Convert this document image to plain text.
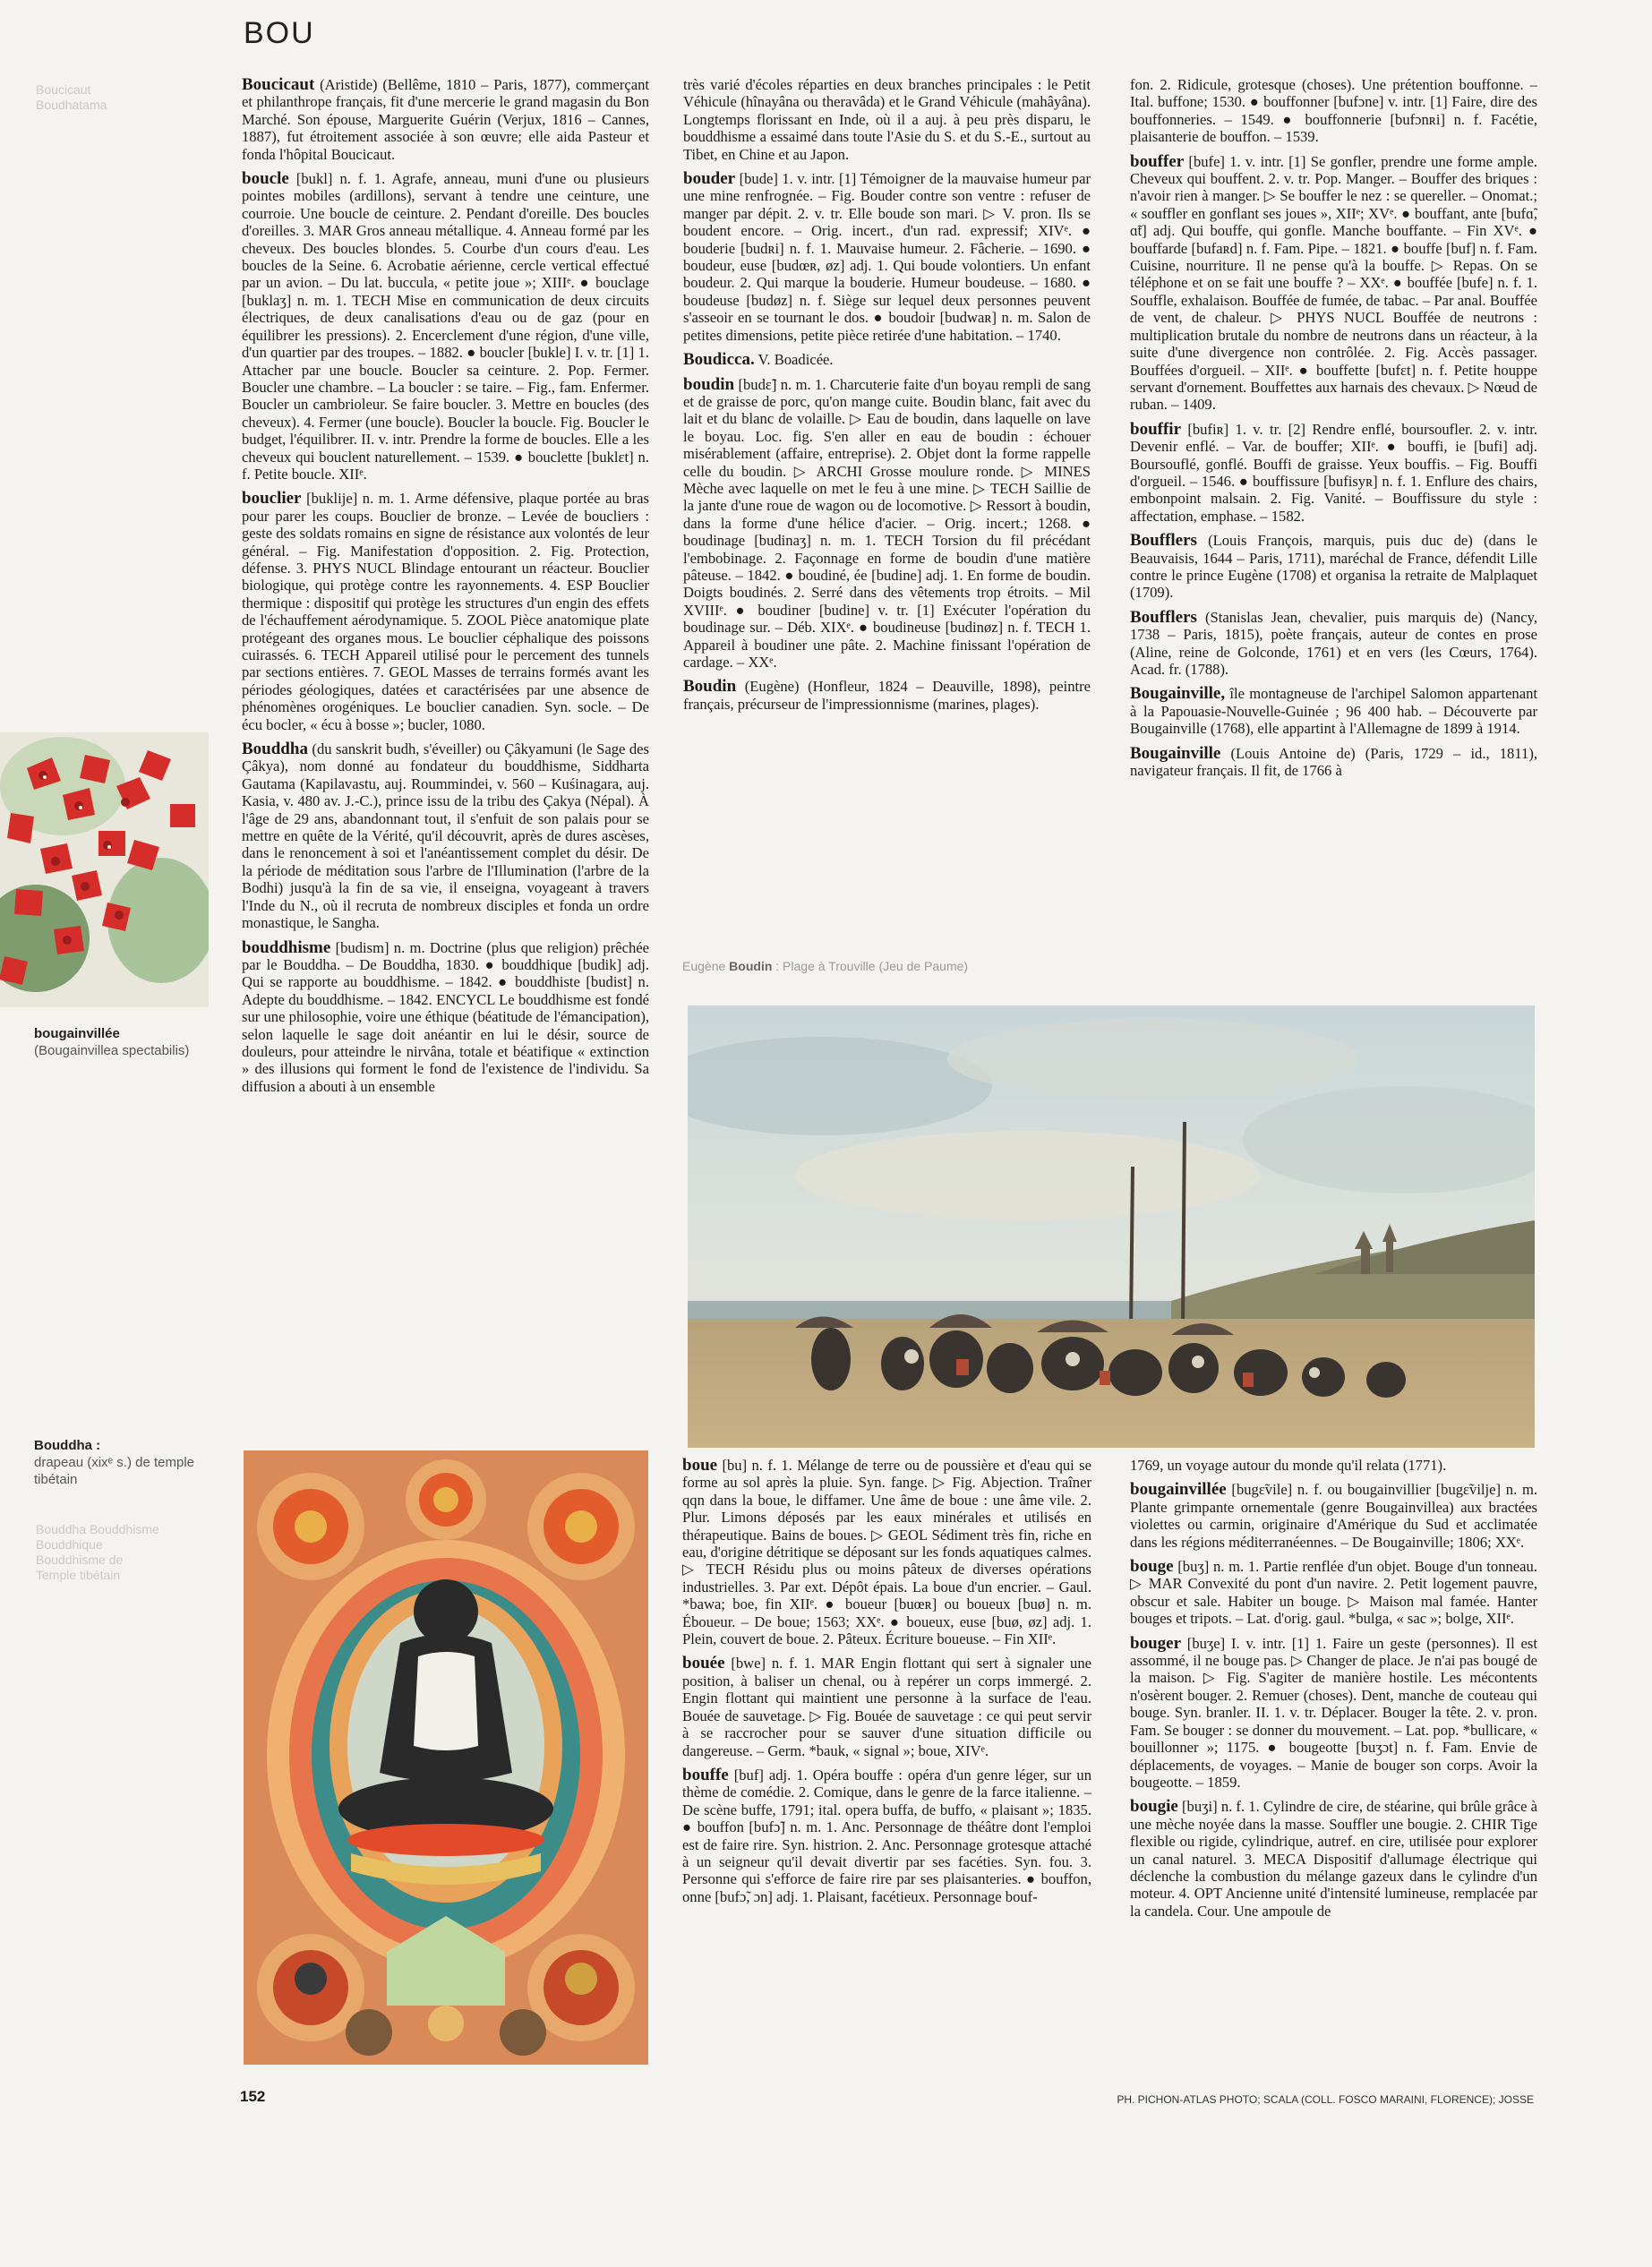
BOU
Boucicaut
Boudhatama
Bouddha Bouddhisme
Bouddhique
Bouddhisme de
Temple tibétain

Boucicaut (Aristide) (Bellême, 1810 – Paris, 1877), commerçant et philanthrope français, fit d'une mercerie le grand magasin du Bon Marché. Son épouse, Marguerite Guérin (Verjux, 1816 – Cannes, 1887), fut étroitement associée à son œuvre; elle aida Pasteur et fonda l'hôpital Boucicaut.

boucle [bukl] n. f. 1. Agrafe, anneau, muni d'une ou plusieurs pointes mobiles (ardillons), servant à tendre une ceinture, une courroie. Une boucle de ceinture. 2. Pendant d'oreille. Des boucles d'oreilles. 3. MAR Gros anneau métallique. 4. Anneau formé par les cheveux. Des boucles blondes. 5. Courbe d'un cours d'eau. Les boucles de la Seine. 6. Acrobatie aérienne, cercle vertical effectué par un avion. – Du lat. buccula, « petite joue »; XIIIᵉ. ● bouclage [buklaʒ] n. m. 1. TECH Mise en communication de deux circuits électriques, de deux canalisations d'eau ou de gaz (pour en équilibrer les pressions). 2. Encerclement d'une région, d'une ville, d'un quartier par des troupes. – 1882. ● boucler [bukle] I. v. tr. [1] 1. Attacher par une boucle. Boucler sa ceinture. 2. Pop. Fermer. Boucler une chambre. – La boucler : se taire. – Fig., fam. Enfermer. Boucler un cambrioleur. Se faire boucler. 3. Mettre en boucles (des cheveux). 4. Fermer (une boucle). Boucler la boucle. Fig. Boucler le budget, l'équilibrer. II. v. intr. Prendre la forme de boucles. Elle a les cheveux qui bouclent naturellement. – 1539. ● bouclette [buklɛt] n. f. Petite boucle. XIIᵉ.

bouclier [buklije] n. m. 1. Arme défensive, plaque portée au bras pour parer les coups. Bouclier de bronze. – Levée de boucliers : geste des soldats romains en signe de résistance aux volontés de leur général. – Fig. Manifestation d'opposition. 2. Fig. Protection, défense. 3. PHYS NUCL Blindage entourant un réacteur. Bouclier biologique, qui protège contre les rayonnements. 4. ESP Bouclier thermique : dispositif qui protège les structures d'un engin des effets de l'échauffement aérodynamique. 5. ZOOL Pièce anatomique plate protégeant des organes mous. Le bouclier céphalique des poissons cuirassés. 6. TECH Appareil utilisé pour le percement des tunnels par sections entières. 7. GEOL Masses de terrains formés avant les périodes géologiques, datées et caractérisées par une absence de phénomènes orogéniques. Le bouclier canadien. Syn. socle. – De écu bocler, « écu à bosse »; bucler, 1080.

Bouddha (du sanskrit budh, s'éveiller) ou Çâkyamuni (le Sage des Çâkya), nom donné au fondateur du bouddhisme, Siddharta Gautama (Kapilavastu, auj. Roummindei, v. 560 – Kuśinagara, auj. Kasia, v. 480 av. J.-C.), prince issu de la tribu des Çakya (Népal). À l'âge de 29 ans, abandonnant tout, il s'enfuit de son palais pour se mettre en quête de la Vérité, qu'il découvrit, après de dures ascèses, dans le renoncement à soi et l'anéantissement complet du désir. De la période de méditation sous l'arbre de l'Illumination (l'arbre de la Bodhi) jusqu'à la fin de sa vie, il enseigna, voyageant à travers l'Inde du N., où il recruta de nombreux disciples et fonda un ordre monastique, le Sangha.

bouddhisme [budism] n. m. Doctrine (plus que religion) prêchée par le Bouddha. – De Bouddha, 1830. ● bouddhique [budik] adj. Qui se rapporte au bouddhisme. – 1842. ● bouddhiste [budist] n. Adepte du bouddhisme. – 1842. ENCYCL Le bouddhisme est fondé sur une philosophie, voire une éthique (béatitude de l'émancipation), selon laquelle le sage doit anéantir en lui le désir, source de douleurs, pour atteindre le nirvâna, totale et béatifique « extinction » des illusions qui forment le fond de l'existence de l'individu. Sa diffusion a abouti à un ensemble

très varié d'écoles réparties en deux branches principales : le Petit Véhicule (hînayâna ou theravâda) et le Grand Véhicule (mahâyâna). Longtemps florissant en Inde, où il a auj. à peu près disparu, le bouddhisme a essaimé dans toute l'Asie du S. et du S.-E., surtout au Tibet, en Chine et au Japon.

bouder [bude] 1. v. intr. [1] Témoigner de la mauvaise humeur par une mine renfrognée. – Fig. Bouder contre son ventre : refuser de manger par dépit. 2. v. tr. Elle boude son mari. ▷ V. pron. Ils se boudent encore. – Orig. incert., d'un rad. expressif; XIVᵉ. ● bouderie [budʀi] n. f. 1. Mauvaise humeur. 2. Fâcherie. – 1690. ● boudeur, euse [budœʀ, øz] adj. 1. Qui boude volontiers. Un enfant boudeur. 2. Qui marque la bouderie. Humeur boudeuse. – 1680. ● boudeuse [budøz] n. f. Siège sur lequel deux personnes peuvent s'asseoir en se tournant le dos. ● boudoir [budwaʀ] n. m. Salon de petites dimensions, petite pièce retirée d'une habitation. – 1740.

Boudicca. V. Boadicée.

boudin [budɛ̃] n. m. 1. Charcuterie faite d'un boyau rempli de sang et de graisse de porc, qu'on mange cuite. Boudin blanc, fait avec du lait et du blanc de volaille. ▷ Eau de boudin, dans laquelle on lave le boyau. Loc. fig. S'en aller en eau de boudin : échouer misérablement (affaire, entreprise). 2. Objet dont la forme rappelle celle du boudin. ▷ ARCHI Grosse moulure ronde. ▷ MINES Mèche avec laquelle on met le feu à une mine. ▷ TECH Saillie de la jante d'une roue de wagon ou de locomotive. ▷ Ressort à boudin, dans la forme d'une hélice d'acier. – Orig. incert.; 1268. ● boudinage [budinaʒ] n. m. 1. TECH Torsion du fil précédant l'embobinage. 2. Façonnage en forme de boudin d'une matière pâteuse. – 1842. ● boudiné, ée [budine] adj. 1. En forme de boudin. Doigts boudinés. 2. Serré dans des vêtements trop étroits. – Mil XVIIIᵉ. ● boudiner [budine] v. tr. [1] Exécuter l'opération du boudinage sur. – Déb. XIXᵉ. ● boudineuse [budinøz] n. f. TECH 1. Appareil à boudiner une pâte. 2. Machine finissant l'opération de cardage. – XXᵉ.

Boudin (Eugène) (Honfleur, 1824 – Deauville, 1898), peintre français, précurseur de l'impressionnisme (marines, plages).

fon. 2. Ridicule, grotesque (choses). Une prétention bouffonne. – Ital. buffone; 1530. ● bouffonner [bufɔne] v. intr. [1] Faire, dire des bouffonneries. – 1549. ● bouffonnerie [bufɔnʀi] n. f. Facétie, plaisanterie de bouffon. – 1539.

bouffer [bufe] 1. v. intr. [1] Se gonfler, prendre une forme ample. Cheveux qui bouffent. 2. v. tr. Pop. Manger. – Bouffer des briques : n'avoir rien à manger. ▷ Se bouffer le nez : se quereller. – Onomat.; « souffler en gonflant ses joues », XIIᵉ; XVᵉ. ● bouffant, ante [bufɑ̃, ɑ̃t] adj. Qui bouffe, qui gonfle. Manche bouffante. – Fin XVᵉ. ● bouffarde [bufaʀd] n. f. Fam. Pipe. – 1821. ● bouffe [buf] n. f. Fam. Cuisine, nourriture. Il ne pense qu'à la bouffe. ▷ Repas. On se téléphone et on se fait une bouffe ? – XXᵉ. ● bouffée [bufe] n. f. 1. Souffle, exhalaison. Bouffée de fumée, de tabac. – Par anal. Bouffée de vent, de chaleur. ▷ PHYS NUCL Bouffée de neutrons : multiplication brutale du nombre de neutrons dans un réacteur, à la suite d'une divergence non contrôlée. 2. Fig. Accès passager. Bouffées d'orgueil. – XIIᵉ. ● bouffette [bufɛt] n. f. Petite houppe servant d'ornement. Bouffettes aux harnais des chevaux. ▷ Nœud de ruban. – 1409.

bouffir [bufiʀ] 1. v. tr. [2] Rendre enflé, boursoufler. 2. v. intr. Devenir enflé. – Var. de bouffer; XIIᵉ. ● bouffi, ie [bufi] adj. Boursouflé, gonflé. Bouffi de graisse. Yeux bouffis. – Fig. Bouffi d'orgueil. – 1546. ● bouffissure [bufisyʀ] n. f. 1. Enflure des chairs, embonpoint malsain. 2. Fig. Vanité. – Bouffissure du style : affectation, emphase. – 1582.

Boufflers (Louis François, marquis, puis duc de) (dans le Beauvaisis, 1644 – Paris, 1711), maréchal de France, défendit Lille contre le prince Eugène (1708) et organisa la retraite de Malplaquet (1709).

Boufflers (Stanislas Jean, chevalier, puis marquis de) (Nancy, 1738 – Paris, 1815), poète français, auteur de contes en prose (Aline, reine de Golconde, 1761) et en vers (les Cœurs, 1764). Acad. fr. (1788).

Bougainville, île montagneuse de l'archipel Salomon appartenant à la Papouasie-Nouvelle-Guinée ; 96 400 hab. – Découverte par Bougainville (1768), elle appartint à l'Allemagne de 1899 à 1914.

Bougainville (Louis Antoine de) (Paris, 1729 – id., 1811), navigateur français. Il fit, de 1766 à

boue [bu] n. f. 1. Mélange de terre ou de poussière et d'eau qui se forme au sol après la pluie. Syn. fange. ▷ Fig. Abjection. Traîner qqn dans la boue, le diffamer. Une âme de boue : une âme vile. 2. Plur. Limons déposés par les eaux minérales et utilisés en thérapeutique. Bains de boues. ▷ GEOL Sédiment très fin, riche en eau, d'origine détritique se déposant sur les fonds aquatiques calmes. ▷ TECH Résidu plus ou moins pâteux de diverses opérations industrielles. 3. Par ext. Dépôt épais. La boue d'un encrier. – Gaul. *bawa; boe, fin XIIᵉ. ● boueur [buœʀ] ou boueux [buø] n. m. Éboueur. – De boue; 1563; XXᵉ. ● boueux, euse [buø, øz] adj. 1. Plein, couvert de boue. 2. Pâteux. Écriture boueuse. – Fin XIIᵉ.

bouée [bwe] n. f. 1. MAR Engin flottant qui sert à signaler une position, à baliser un chenal, ou à repérer un corps immergé. 2. Engin flottant qui maintient une personne à la surface de l'eau. Bouée de sauvetage. ▷ Fig. Bouée de sauvetage : ce qui peut servir à se raccrocher pour se sauver d'une situation difficile ou dangereuse. – Germ. *bauk, « signal »; boue, XIVᵉ.

bouffe [buf] adj. 1. Opéra bouffe : opéra d'un genre léger, sur un thème de comédie. 2. Comique, dans le genre de la farce italienne. – De scène buffe, 1791; ital. opera buffa, de buffo, « plaisant »; 1835. ● bouffon [bufɔ̃] n. m. 1. Anc. Personnage de théâtre dont l'emploi est de faire rire. Syn. histrion. 2. Anc. Personnage grotesque attaché à un seigneur qu'il devait divertir par ses facéties. Syn. fou. 3. Personne qui s'efforce de faire rire par ses plaisanteries. ● bouffon, onne [bufɔ̃, ɔn] adj. 1. Plaisant, facétieux. Personnage bouf-

1769, un voyage autour du monde qu'il relata (1771).

bougainvillée [bugɛ̃vile] n. f. ou bougainvillier [bugɛ̃vilje] n. m. Plante grimpante ornementale (genre Bougainvillea) aux bractées violettes ou carmin, originaire d'Amérique du Sud et acclimatée dans les régions méditerranéennes. – De Bougainville; 1806; XXᵉ.

bouge [buʒ] n. m. 1. Partie renflée d'un objet. Bouge d'un tonneau. ▷ MAR Convexité du pont d'un navire. 2. Petit logement pauvre, obscur et sale. Habiter un bouge. ▷ Maison mal famée. Hanter bouges et tripots. – Lat. d'orig. gaul. *bulga, « sac »; bolge, XIIᵉ.

bouger [buʒe] I. v. intr. [1] 1. Faire un geste (personnes). Il est assommé, il ne bouge pas. ▷ Changer de place. Je n'ai pas bougé de la maison. ▷ Fig. S'agiter de manière hostile. Les mécontents n'osèrent bouger. 2. Remuer (choses). Dent, manche de couteau qui bouge. Syn. branler. II. 1. v. tr. Déplacer. Bouger la tête. 2. v. pron. Fam. Se bouger : se donner du mouvement. – Lat. pop. *bullicare, « bouillonner »; 1175. ● bougeotte [buʒɔt] n. f. Fam. Envie de déplacements, de voyages. – Manie de bouger son corps. Avoir la bougeotte. – 1859.

bougie [buʒi] n. f. 1. Cylindre de cire, de stéarine, qui brûle grâce à une mèche noyée dans la masse. Souffler une bougie. 2. CHIR Tige flexible ou rigide, cylindrique, autref. en cire, utilisée pour explorer un canal naturel. 3. MECA Dispositif d'allumage électrique qui déclenche la combustion du mélange gazeux dans le cylindre d'un moteur. 4. OPT Ancienne unité d'intensité lumineuse, remplacée par la candela. Cour. Une ampoule de

bougainvillée
(Bougainvillea spectabilis)
Bouddha :
drapeau (xixᵉ s.) de temple tibétain
Eugène Boudin : Plage à Trouville (Jeu de Paume)
152	PH. PICHON-ATLAS PHOTO; SCALA (COLL. FOSCO MARAINI, FLORENCE); JOSSE
